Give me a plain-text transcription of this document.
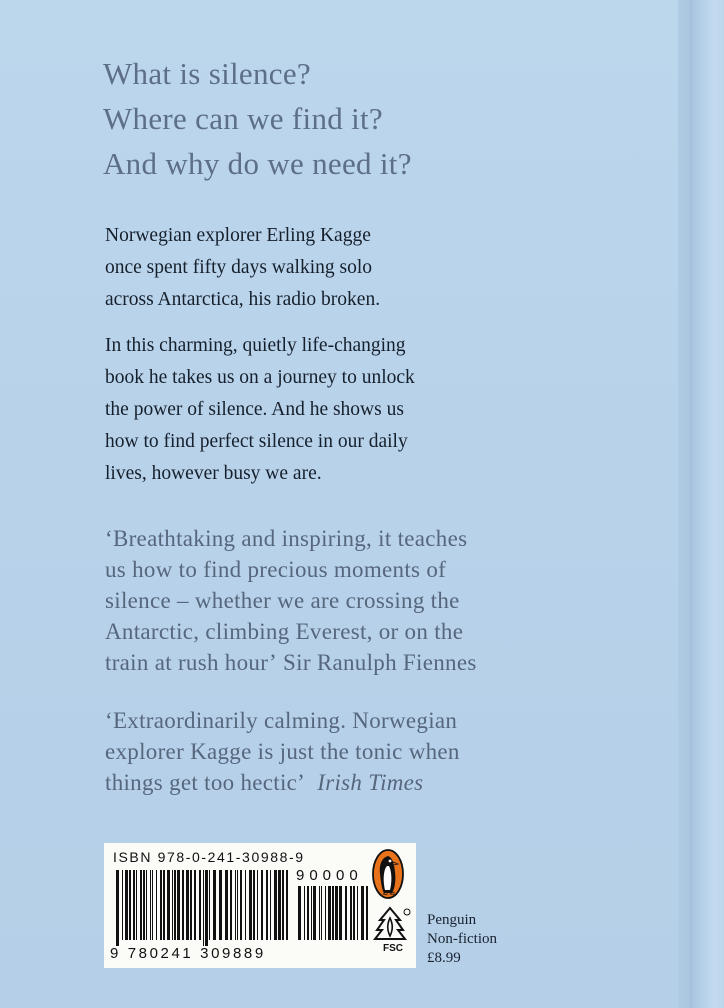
What is silence?

Where can we find it?

And why do we need it?

Norwegian explorer Erling Kagge

once spent fifty days walking solo

across Antarctica, his radio broken.

In this charming, quietly life-changing

book he takes us on a journey to unlock

the power of silence. And he shows us

how to find perfect silence in our daily

lives, however busy we are.

‘Breathtaking and inspiring, it teaches

us how to find precious moments of

silence – whether we are crossing the

Antarctic, climbing Everest, or on the

train at rush hour’ Sir Ranulph Fiennes

‘Extraordinarily calming. Norwegian

explorer Kagge is just the tonic when

things get too hectic’ Irish Times

ISBN 978-0-241-30988-9
90000
9 780241 309889	FSC

Penguin

Non-fiction

£8.99
